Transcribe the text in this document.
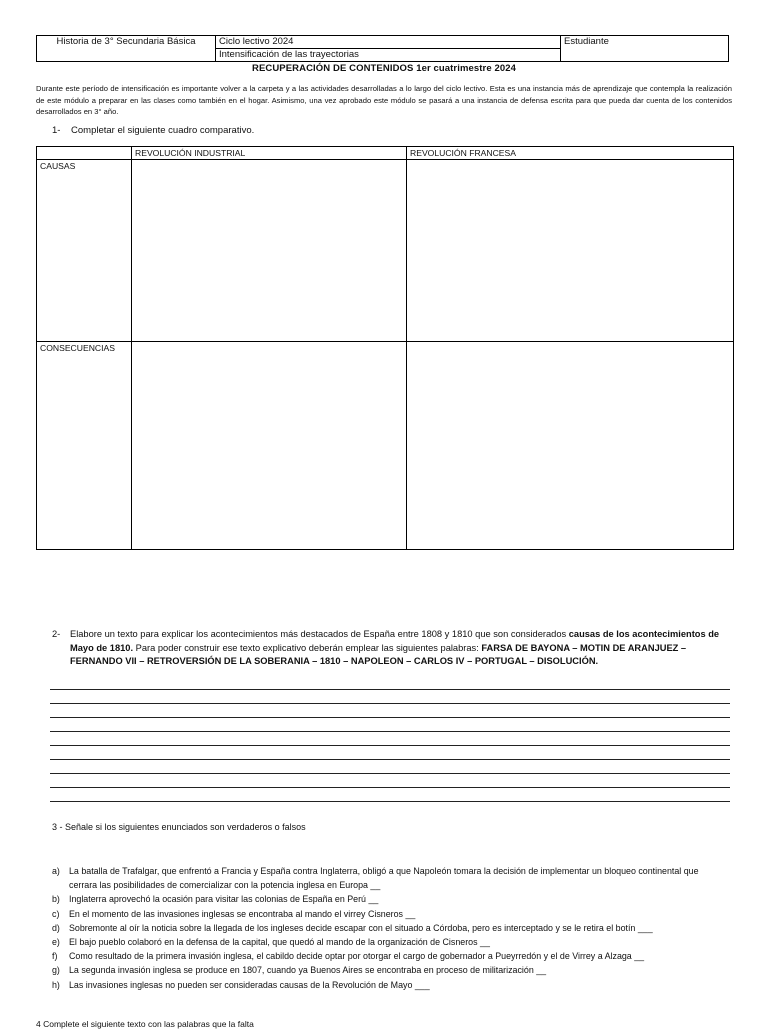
Historia de 3° Secundaria Básica	Ciclo lectivo 2024	Estudiante
Intensificación de las trayectorias
RECUPERACIÓN DE CONTENIDOS 1er cuatrimestre 2024
Durante este período de intensificación es importante volver a la carpeta y a las actividades desarrolladas a lo largo del ciclo lectivo. Esta es una instancia más de aprendizaje que contempla la realización de este módulo a preparar en las clases como también en el hogar. Asimismo, una vez aprobado este módulo se pasará a una instancia de defensa escrita para que pueda dar cuenta de los contenidos desarrollados en 3° año.
1- Completar el siguiente cuadro comparativo.
	REVOLUCIÓN INDUSTRIAL	REVOLUCIÓN FRANCESA
CAUSAS		
CONSECUENCIAS		
2-	Elabore un texto para explicar los acontecimientos más destacados de España entre 1808 y 1810 que son considerados causas de los acontecimientos de Mayo de 1810. Para poder construir ese texto explicativo deberán emplear las siguientes palabras: FARSA DE BAYONA – MOTIN DE ARANJUEZ – FERNANDO VII – RETROVERSIÓN DE LA SOBERANIA – 1810 – NAPOLEON – CARLOS IV – PORTUGAL – DISOLUCIÓN.
3 - Señale si los siguientes enunciados son verdaderos o falsos
a) La batalla de Trafalgar, que enfrentó a Francia y España contra Inglaterra, obligó a que Napoleón tomara la decisión de implementar un bloqueo continental que cerrara las posibilidades de comercializar con la potencia inglesa en Europa __
b) Inglaterra aprovechó la ocasión para visitar las colonias de España en Perú __
c) En el momento de las invasiones inglesas se encontraba al mando el virrey Cisneros __
d) Sobremonte al oír la noticia sobre la llegada de los ingleses decide escapar con el situado a Córdoba, pero es interceptado y se le retira el botín ___
e) El bajo pueblo colaboró en la defensa de la capital, que quedó al mando de la organización de Cisneros __
f) Como resultado de la primera invasión inglesa, el cabildo decide optar por otorgar el cargo de gobernador a Pueyrredón y el de Virrey a Alzaga __
g) La segunda invasión inglesa se produce en 1807, cuando ya Buenos Aires se encontraba en proceso de militarización __
h) Las invasiones inglesas no pueden ser consideradas causas de la Revolución de Mayo ___
4 Complete el siguiente texto con las palabras que la falta
